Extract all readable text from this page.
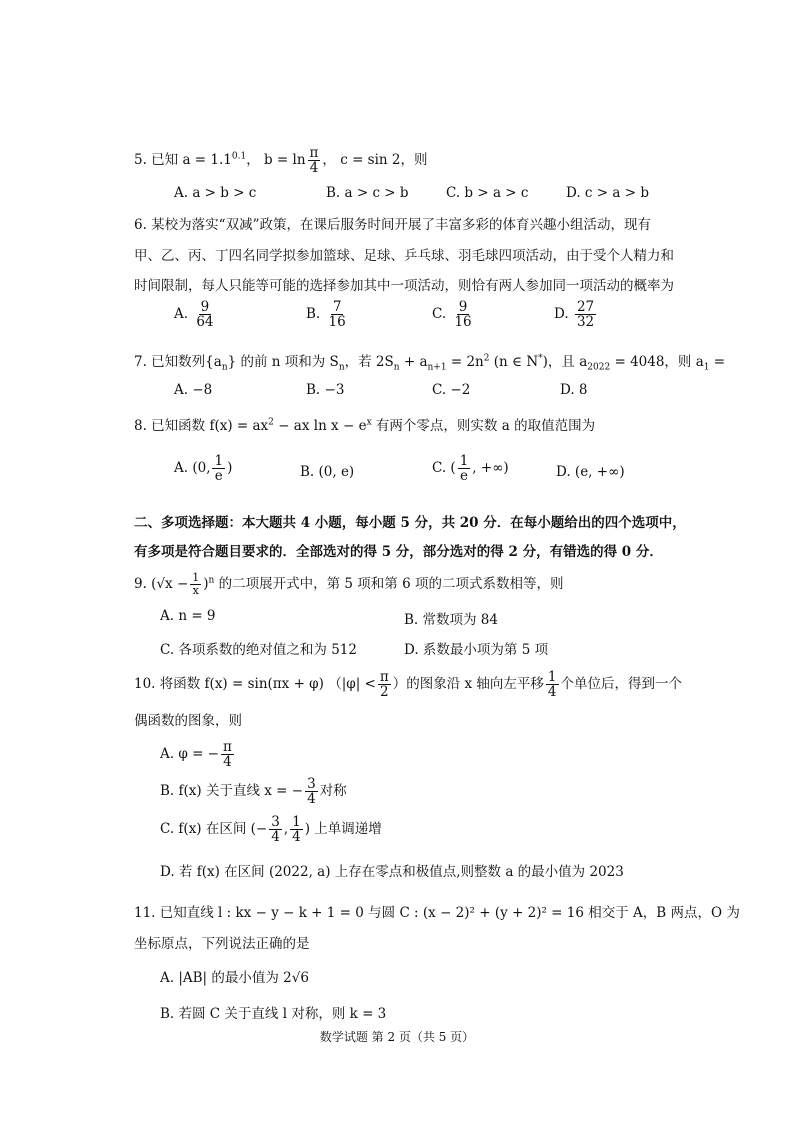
5. 已知 $a = 1.1^{0.1}$， $b = \ln \frac{\pi}{4}$ ， c = sin 2，则
A. a > b > c	B. a > c > b	C. b > a > c	D. c > a > b
6. 某校为落实“双减”政策，在课后服务时间开展了丰富多彩的体育兴趣小组活动，现有
甲、乙、丙、丁四名同学拟参加篮球、足球、乒乓球、羽毛球四项活动，由于受个人精力和
时间限制，每人只能等可能的选择参加其中一项活动，则恰有两人参加同一项活动的概率为
A. $\frac{9}{64}$	B. $\frac{7}{16}$	C. $\frac{9}{16}$	D. $\frac{27}{32}$
7. 已知数列$\{a_n\}$ 的前 n 项和为 $S_n$，若 $2S_n + a_{n+1} = 2n^2$ (n ∈ N*)，且 $a_{2022} = 4048$，则 $a_1$ =
A. −8	B. −3	C. −2	D. 8
8. 已知函数 $f(x) = ax^2$ − ax $\ln x - e^x$ 有两个零点，则实数 a 的取值范围为
A. (0, $\frac{1}{e}$ )	B. (0, e)	C. ( $\frac{1}{e}$ , +∞)	D. (e, +∞)
二、多项选择题：本大题共 4 小题，每小题 5 分，共 20 分．在每小题给出的四个选项中，
有多项是符合题目要求的．全部选对的得 5 分，部分选对的得 2 分，有错选的得 0 分．
9. $(√x - \frac{1}{x} )^n$ 的二项展开式中，第 5 项和第 6 项的二项式系数相等，则
A. n = 9	B. 常数项为 84
C. 各项系数的绝对值之和为 512	D. 系数最小项为第 5 项
10. 将函数 f(x) = sin(πx + φ) （$|\varphi| < \frac{\pi}{2}$ ）的图象沿 x 轴向左平移 $\frac{1}{4}$ 个单位后，得到一个
偶函数的图象，则
A. φ = − $\frac{\pi}{4}$
B. f(x) 关于直线 x = − $\frac{3}{4}$ 对称
C. f(x) 在区间 (− $\frac{3}{4}$ , $\frac{1}{4}$ ) 上单调递增
D. 若 f(x) 在区间 (2022, a) 上存在零点和极值点,则整数 a 的最小值为 2023
11. 已知直线 l : kx − y − k + 1 = 0 与圆 C : (x − 2)² + (y + 2)² = 16 相交于 A，B 两点，O 为
坐标原点，下列说法正确的是
A. |AB| 的最小值为 2√6
B. 若圆 C 关于直线 l 对称，则 k = 3
数学试题 第 2 页（共 5 页）
